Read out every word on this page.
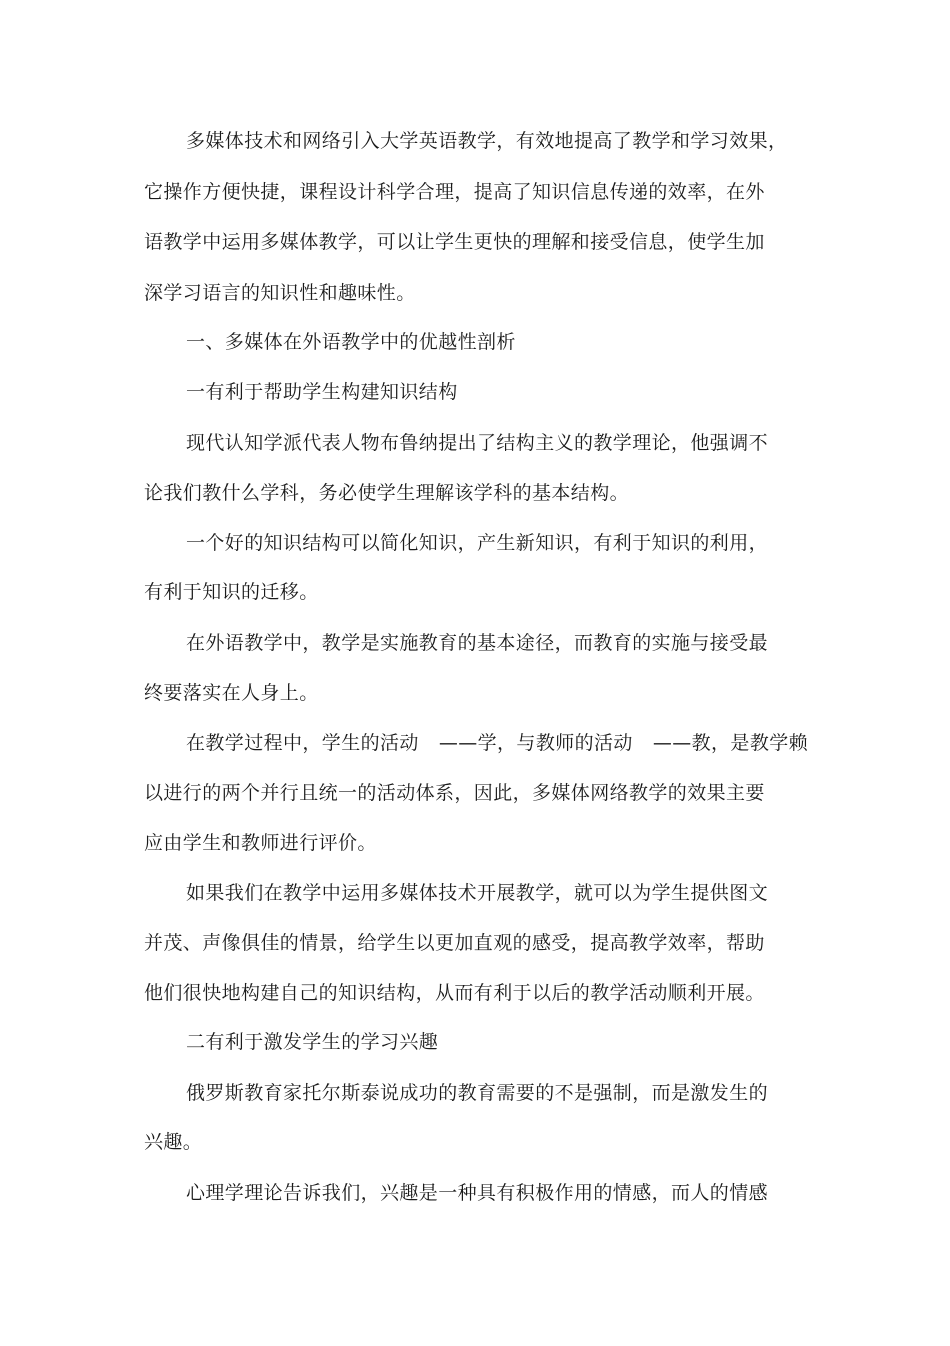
多媒体技术和网络引入大学英语教学，有效地提高了教学和学习效果，
它操作方便快捷，课程设计科学合理，提高了知识信息传递的效率，在外
语教学中运用多媒体教学，可以让学生更快的理解和接受信息，使学生加
深学习语言的知识性和趣味性。
一、多媒体在外语教学中的优越性剖析
一有利于帮助学生构建知识结构
现代认知学派代表人物布鲁纳提出了结构主义的教学理论，他强调不
论我们教什么学科，务必使学生理解该学科的基本结构。
一个好的知识结构可以简化知识，产生新知识，有利于知识的利用，
有利于知识的迁移。
在外语教学中，教学是实施教育的基本途径，而教育的实施与接受最
终要落实在人身上。
在教学过程中，学生的活动 ——学，与教师的活动 ——教，是教学赖
以进行的两个并行且统一的活动体系，因此，多媒体网络教学的效果主要
应由学生和教师进行评价。
如果我们在教学中运用多媒体技术开展教学，就可以为学生提供图文
并茂、声像俱佳的情景，给学生以更加直观的感受，提高教学效率，帮助
他们很快地构建自己的知识结构，从而有利于以后的教学活动顺利开展。
二有利于激发学生的学习兴趣
俄罗斯教育家托尔斯泰说成功的教育需要的不是强制，而是激发生的
兴趣。
心理学理论告诉我们，兴趣是一种具有积极作用的情感，而人的情感
